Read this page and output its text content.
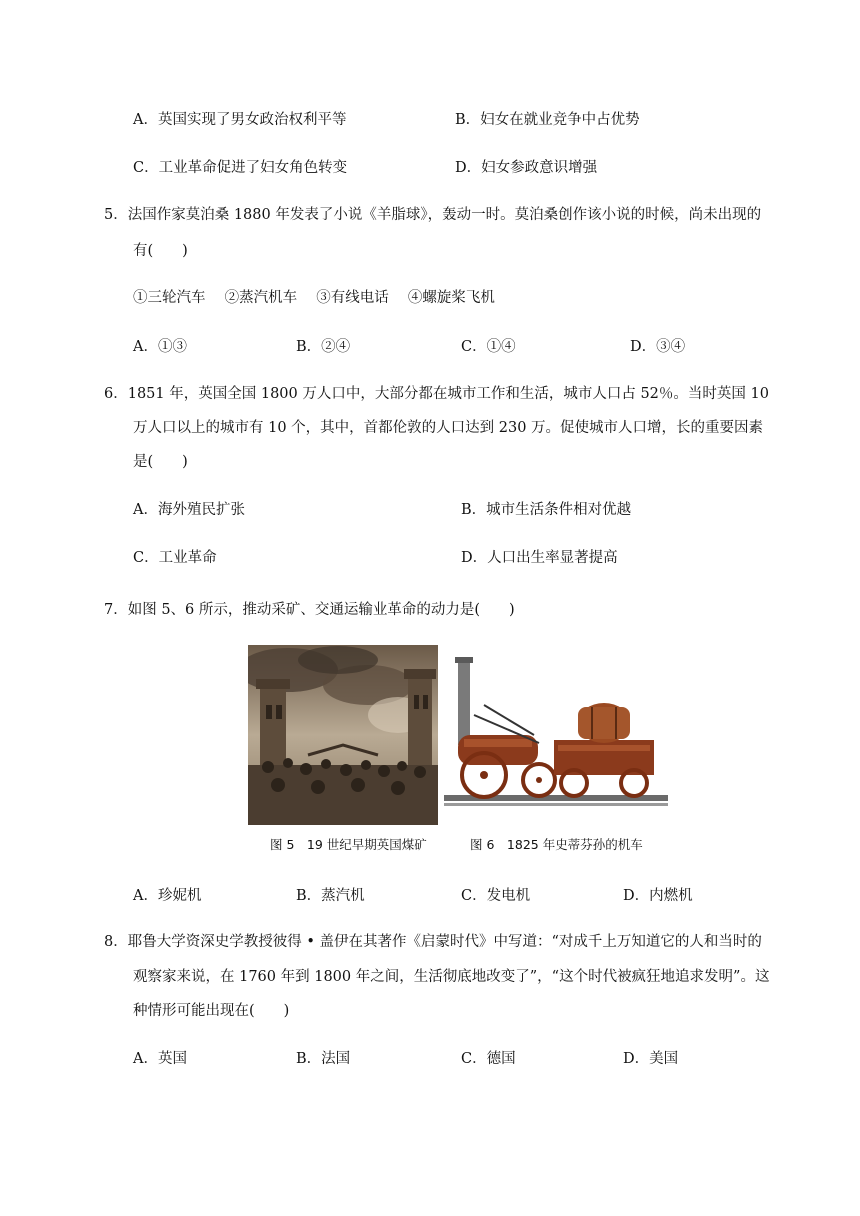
A．英国实现了男女政治权利平等	B．妇女在就业竞争中占优势
C．工业革命促进了妇女角色转变	D．妇女参政意识增强
5．法国作家莫泊桑 1880 年发表了小说《羊脂球》，轰动一时。莫泊桑创作该小说的时候，尚未出现的
有(　　)
①三轮汽车　 ②蒸汽机车　 ③有线电话　 ④螺旋桨飞机
A．①③	B．②④	C．①④	D．③④
6．1851 年，英国全国 1800 万人口中，大部分都在城市工作和生活，城市人口占 52％。当时英国 10
万人口以上的城市有 10 个，其中，首都伦敦的人口达到 230 万。促使城市人口增，长的重要因素
是(　　)
A．海外殖民扩张	B．城市生活条件相对优越
C．工业革命	D．人口出生率显著提高
7．如图 5、6 所示，推动采矿、交通运输业革命的动力是(　　)
图 5　19 世纪早期英国煤矿	图 6　1825 年史蒂芬孙的机车
A．珍妮机	B．蒸汽机	C．发电机	D．内燃机
8．耶鲁大学资深史学教授彼得 • 盖伊在其著作《启蒙时代》中写道：“对成千上万知道它的人和当时的
观察家来说，在 1760 年到 1800 年之间，生活彻底地改变了”，“这个时代被疯狂地追求发明”。这
种情形可能出现在(　　)
A．英国	B．法国	C．德国	D．美国
